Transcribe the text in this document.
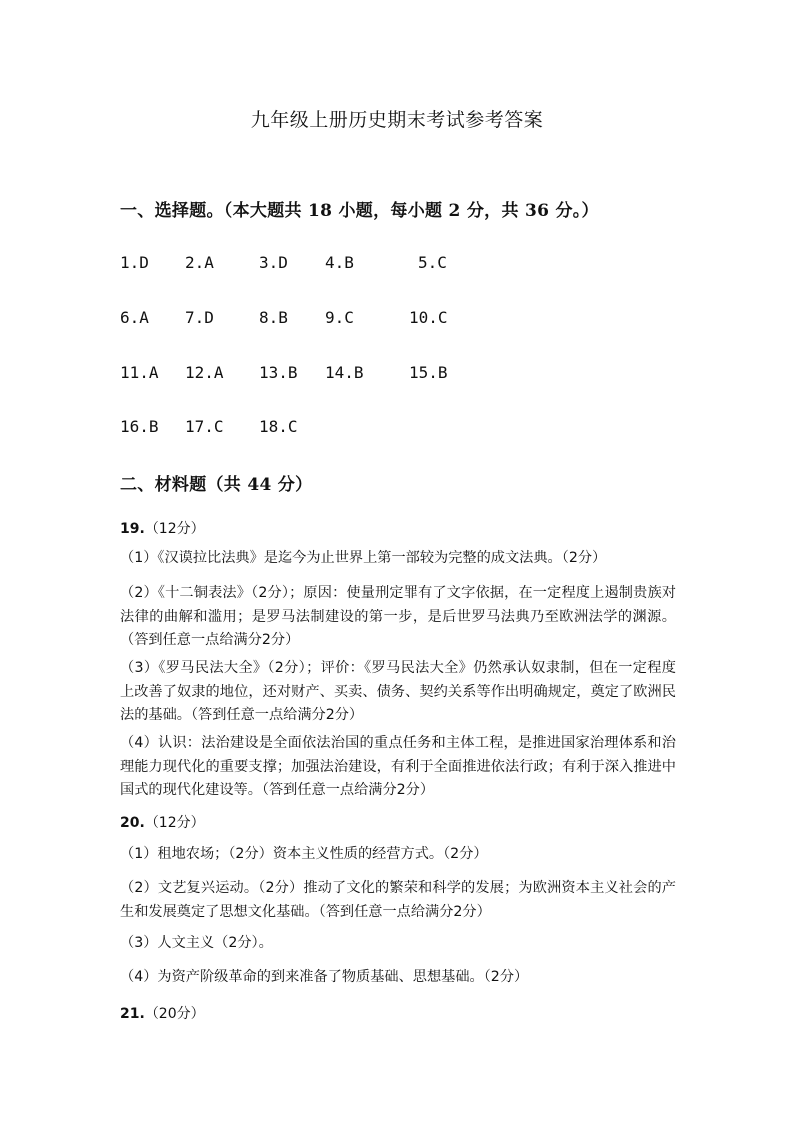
九年级上册历史期末考试参考答案
一、选择题。（本大题共 18 小题，每小题 2 分，共 36 分。）
1.D 2.A	3.D 4.B	5.C
6.A 7.D	8.B 9.C	10.C
11.A 12.A 13.B 14.B	15.B
16.B 17.C 18.C
二、材料题（共 44 分）
19.（12分）
（1）《汉谟拉比法典》是迄今为止世界上第一部较为完整的成文法典。（2分）
（2）《十二铜表法》（2分）；原因：使量刑定罪有了文字依据，在一定程度上遏制贵族对法律的曲解和滥用；是罗马法制建设的第一步，是后世罗马法典乃至欧洲法学的渊源。（答到任意一点给满分2分）
（3）《罗马民法大全》（2分）；评价：《罗马民法大全》仍然承认奴隶制，但在一定程度上改善了奴隶的地位，还对财产、买卖、债务、契约关系等作出明确规定，奠定了欧洲民法的基础。（答到任意一点给满分2分）
（4）认识：法治建设是全面依法治国的重点任务和主体工程，是推进国家治理体系和治理能力现代化的重要支撑；加强法治建设，有利于全面推进依法行政；有利于深入推进中国式的现代化建设等。（答到任意一点给满分2分）
20.（12分）
（1）租地农场；（2分）资本主义性质的经营方式。（2分）
（2）文艺复兴运动。（2分）推动了文化的繁荣和科学的发展；为欧洲资本主义社会的产生和发展奠定了思想文化基础。（答到任意一点给满分2分）
（3）人文主义（2分）。
（4）为资产阶级革命的到来准备了物质基础、思想基础。（2分）
21.（20分）
